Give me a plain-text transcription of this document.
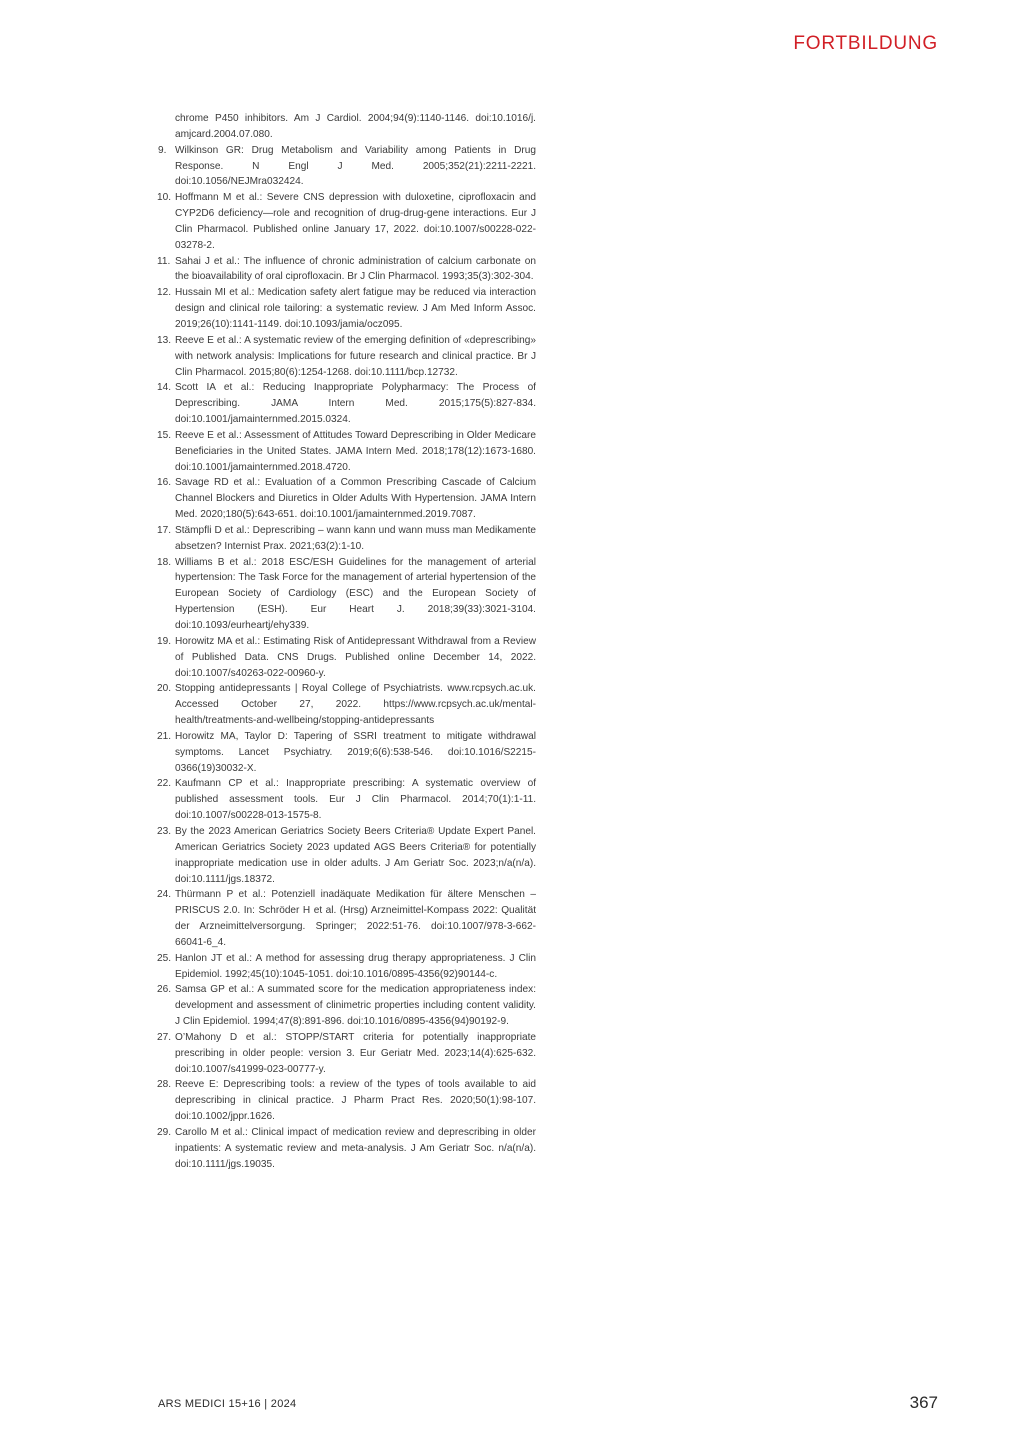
FORTBILDUNG
chrome P450 inhibitors. Am J Cardiol. 2004;94(9):1140-1146. doi:10.1016/j. amjcard.2004.07.080.
9. Wilkinson GR: Drug Metabolism and Variability among Patients in Drug Response. N Engl J Med. 2005;352(21):2211-2221. doi:10.1056/NEJMra032424.
10. Hoffmann M et al.: Severe CNS depression with duloxetine, ciprofloxacin and CYP2D6 deficiency—role and recognition of drug-drug-gene interactions. Eur J Clin Pharmacol. Published online January 17, 2022. doi:10.1007/s00228-022-03278-2.
11. Sahai J et al.: The influence of chronic administration of calcium carbonate on the bioavailability of oral ciprofloxacin. Br J Clin Pharmacol. 1993;35(3):302-304.
12. Hussain MI et al.: Medication safety alert fatigue may be reduced via interaction design and clinical role tailoring: a systematic review. J Am Med Inform Assoc. 2019;26(10):1141-1149. doi:10.1093/jamia/ocz095.
13. Reeve E et al.: A systematic review of the emerging definition of «deprescribing» with network analysis: Implications for future research and clinical practice. Br J Clin Pharmacol. 2015;80(6):1254-1268. doi:10.1111/bcp.12732.
14. Scott IA et al.: Reducing Inappropriate Polypharmacy: The Process of Deprescribing. JAMA Intern Med. 2015;175(5):827-834. doi:10.1001/jamainternmed.2015.0324.
15. Reeve E et al.: Assessment of Attitudes Toward Deprescribing in Older Medicare Beneficiaries in the United States. JAMA Intern Med. 2018;178(12):1673-1680. doi:10.1001/jamainternmed.2018.4720.
16. Savage RD et al.: Evaluation of a Common Prescribing Cascade of Calcium Channel Blockers and Diuretics in Older Adults With Hypertension. JAMA Intern Med. 2020;180(5):643-651. doi:10.1001/jamainternmed.2019.7087.
17. Stämpfli D et al.: Deprescribing – wann kann und wann muss man Medikamente absetzen? Internist Prax. 2021;63(2):1-10.
18. Williams B et al.: 2018 ESC/ESH Guidelines for the management of arterial hypertension: The Task Force for the management of arterial hypertension of the European Society of Cardiology (ESC) and the European Society of Hypertension (ESH). Eur Heart J. 2018;39(33):3021-3104. doi:10.1093/eurheartj/ehy339.
19. Horowitz MA et al.: Estimating Risk of Antidepressant Withdrawal from a Review of Published Data. CNS Drugs. Published online December 14, 2022. doi:10.1007/s40263-022-00960-y.
20. Stopping antidepressants | Royal College of Psychiatrists. www.rcpsych.ac.uk. Accessed October 27, 2022. https://www.rcpsych.ac.uk/mental-health/treatments-and-wellbeing/stopping-antidepressants
21. Horowitz MA, Taylor D: Tapering of SSRI treatment to mitigate withdrawal symptoms. Lancet Psychiatry. 2019;6(6):538-546. doi:10.1016/S2215-0366(19)30032-X.
22. Kaufmann CP et al.: Inappropriate prescribing: A systematic overview of published assessment tools. Eur J Clin Pharmacol. 2014;70(1):1-11. doi:10.1007/s00228-013-1575-8.
23. By the 2023 American Geriatrics Society Beers Criteria® Update Expert Panel. American Geriatrics Society 2023 updated AGS Beers Criteria® for potentially inappropriate medication use in older adults. J Am Geriatr Soc. 2023;n/a(n/a). doi:10.1111/jgs.18372.
24. Thürmann P et al.: Potenziell inadäquate Medikation für ältere Menschen – PRISCUS 2.0. In: Schröder H et al. (Hrsg) Arzneimittel-Kompass 2022: Qualität der Arzneimittelversorgung. Springer; 2022:51-76. doi:10.1007/978-3-662-66041-6_4.
25. Hanlon JT et al.: A method for assessing drug therapy appropriateness. J Clin Epidemiol. 1992;45(10):1045-1051. doi:10.1016/0895-4356(92)90144-c.
26. Samsa GP et al.: A summated score for the medication appropriateness index: development and assessment of clinimetric properties including content validity. J Clin Epidemiol. 1994;47(8):891-896. doi:10.1016/0895-4356(94)90192-9.
27. O’Mahony D et al.: STOPP/START criteria for potentially inappropriate prescribing in older people: version 3. Eur Geriatr Med. 2023;14(4):625-632. doi:10.1007/s41999-023-00777-y.
28. Reeve E: Deprescribing tools: a review of the types of tools available to aid deprescribing in clinical practice. J Pharm Pract Res. 2020;50(1):98-107. doi:10.1002/jppr.1626.
29. Carollo M et al.: Clinical impact of medication review and deprescribing in older inpatients: A systematic review and meta-analysis. J Am Geriatr Soc. n/a(n/a). doi:10.1111/jgs.19035.
ARS MEDICI 15+16 | 2024	367
